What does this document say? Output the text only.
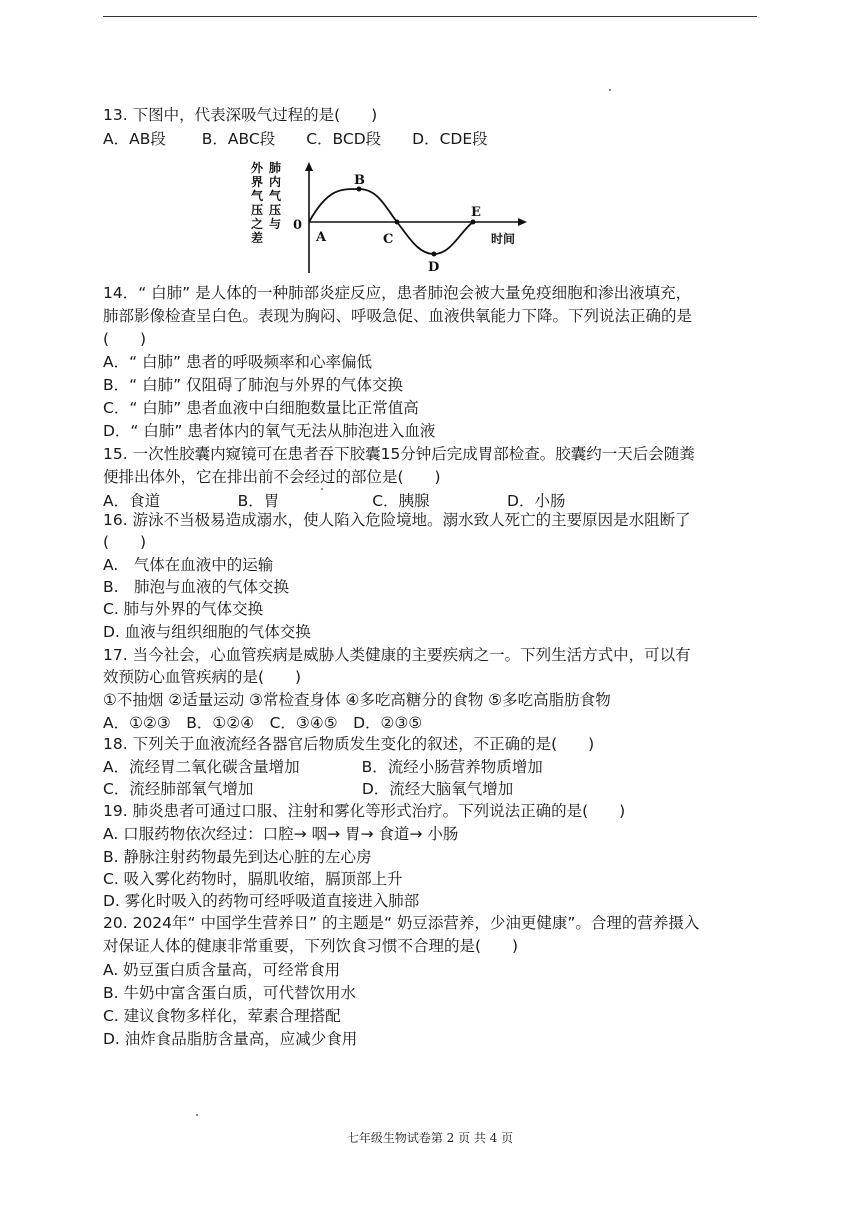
13. 下图中，代表深吸气过程的是(　　)
A．AB段　　 B．ABC段　　C．BCD段　　D．CDE段
外
界
气
压
之
差
肺
内
气
压
与 0
A
B
C
D
E
时间
14．“ 白肺” 是人体的一种肺部炎症反应，患者肺泡会被大量免疫细胞和渗出液填充，
肺部影像检查呈白色。表现为胸闷、呼吸急促、血液供氧能力下降。下列说法正确的是
(　　)
A．“ 白肺” 患者的呼吸频率和心率偏低
B．“ 白肺” 仅阻碍了肺泡与外界的气体交换
C．“ 白肺” 患者血液中白细胞数量比正常值高
D．“ 白肺” 患者体内的氧气无法从肺泡进入血液
15. 一次性胶囊内窥镜可在患者吞下胶囊15分钟后完成胃部检查。胶囊约一天后会随粪
便排出体外，它在排出前不会经过的部位是(　　)
A．食道　　　　　B．胃　　　　　　C．胰腺　　　　　D．小肠
16. 游泳不当极易造成溺水，使人陷入危险境地。溺水致人死亡的主要原因是水阻断了
(　　)
A.　气体在血液中的运输
B.　肺泡与血液的气体交换
C. 肺与外界的气体交换
D. 血液与组织细胞的气体交换
17. 当今社会，心血管疾病是威胁人类健康的主要疾病之一。下列生活方式中，可以有
效预防心血管疾病的是(　　)
①不抽烟 ②适量运动 ③常检查身体 ④多吃高糖分的食物 ⑤多吃高脂肪食物
A．①②③　B．①②④　C．③④⑤　D．②③⑤
18. 下列关于血液流经各器官后物质发生变化的叙述，不正确的是(　　)
A．流经胃二氧化碳含量增加　　　　B．流经小肠营养物质增加
C．流经肺部氧气增加　　　　　　　D．流经大脑氧气增加
19. 肺炎患者可通过口服、注射和雾化等形式治疗。下列说法正确的是(　　)
A. 口服药物依次经过：口腔→ 咽→ 胃→ 食道→ 小肠
B. 静脉注射药物最先到达心脏的左心房
C. 吸入雾化药物时，膈肌收缩，膈顶部上升
D. 雾化时吸入的药物可经呼吸道直接进入肺部
20. 2024年“ 中国学生营养日” 的主题是“ 奶豆添营养，少油更健康”。合理的营养摄入
对保证人体的健康非常重要，下列饮食习惯不合理的是(　　)
A. 奶豆蛋白质含量高，可经常食用
B. 牛奶中富含蛋白质，可代替饮用水
C. 建议食物多样化，荤素合理搭配
D. 油炸食品脂肪含量高，应减少食用
七年级生物试卷第 2 页 共 4 页
